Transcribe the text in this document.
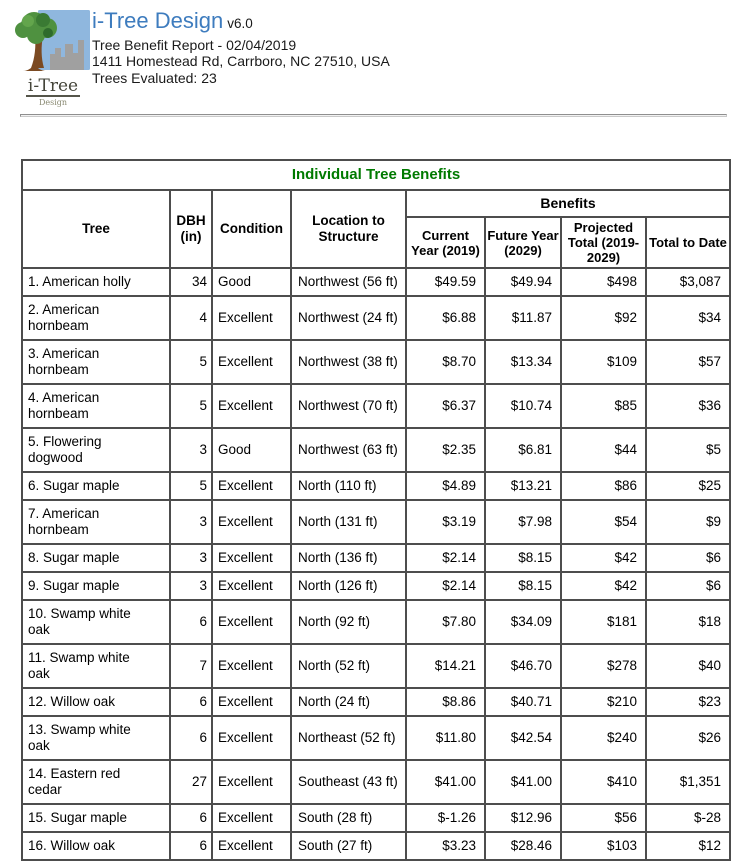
i-Tree
Design
i-Tree Design v6.0
Tree Benefit Report - 02/04/2019
1411 Homestead Rd, Carrboro, NC 27510, USA
Trees Evaluated: 23
Individual Tree Benefits							
Tree	DBH (in)	Condition	Location to Structure	Benefits			
				Current Year (2019)	Future Year (2029)	Projected Total (2019-2029)	Total to Date
1. American holly	34	Good	Northwest (56 ft)	$49.59	$49.94	$498	$3,087
2. American hornbeam	4	Excellent	Northwest (24 ft)	$6.88	$11.87	$92	$34
3. American hornbeam	5	Excellent	Northwest (38 ft)	$8.70	$13.34	$109	$57
4. American hornbeam	5	Excellent	Northwest (70 ft)	$6.37	$10.74	$85	$36
5. Flowering dogwood	3	Good	Northwest (63 ft)	$2.35	$6.81	$44	$5
6. Sugar maple	5	Excellent	North (110 ft)	$4.89	$13.21	$86	$25
7. American hornbeam	3	Excellent	North (131 ft)	$3.19	$7.98	$54	$9
8. Sugar maple	3	Excellent	North (136 ft)	$2.14	$8.15	$42	$6
9. Sugar maple	3	Excellent	North (126 ft)	$2.14	$8.15	$42	$6
10. Swamp white oak	6	Excellent	North (92 ft)	$7.80	$34.09	$181	$18
11. Swamp white oak	7	Excellent	North (52 ft)	$14.21	$46.70	$278	$40
12. Willow oak	6	Excellent	North (24 ft)	$8.86	$40.71	$210	$23
13. Swamp white oak	6	Excellent	Northeast (52 ft)	$11.80	$42.54	$240	$26
14. Eastern red cedar	27	Excellent	Southeast (43 ft)	$41.00	$41.00	$410	$1,351
15. Sugar maple	6	Excellent	South (28 ft)	$-1.26	$12.96	$56	$-28
16. Willow oak	6	Excellent	South (27 ft)	$3.23	$28.46	$103	$12
